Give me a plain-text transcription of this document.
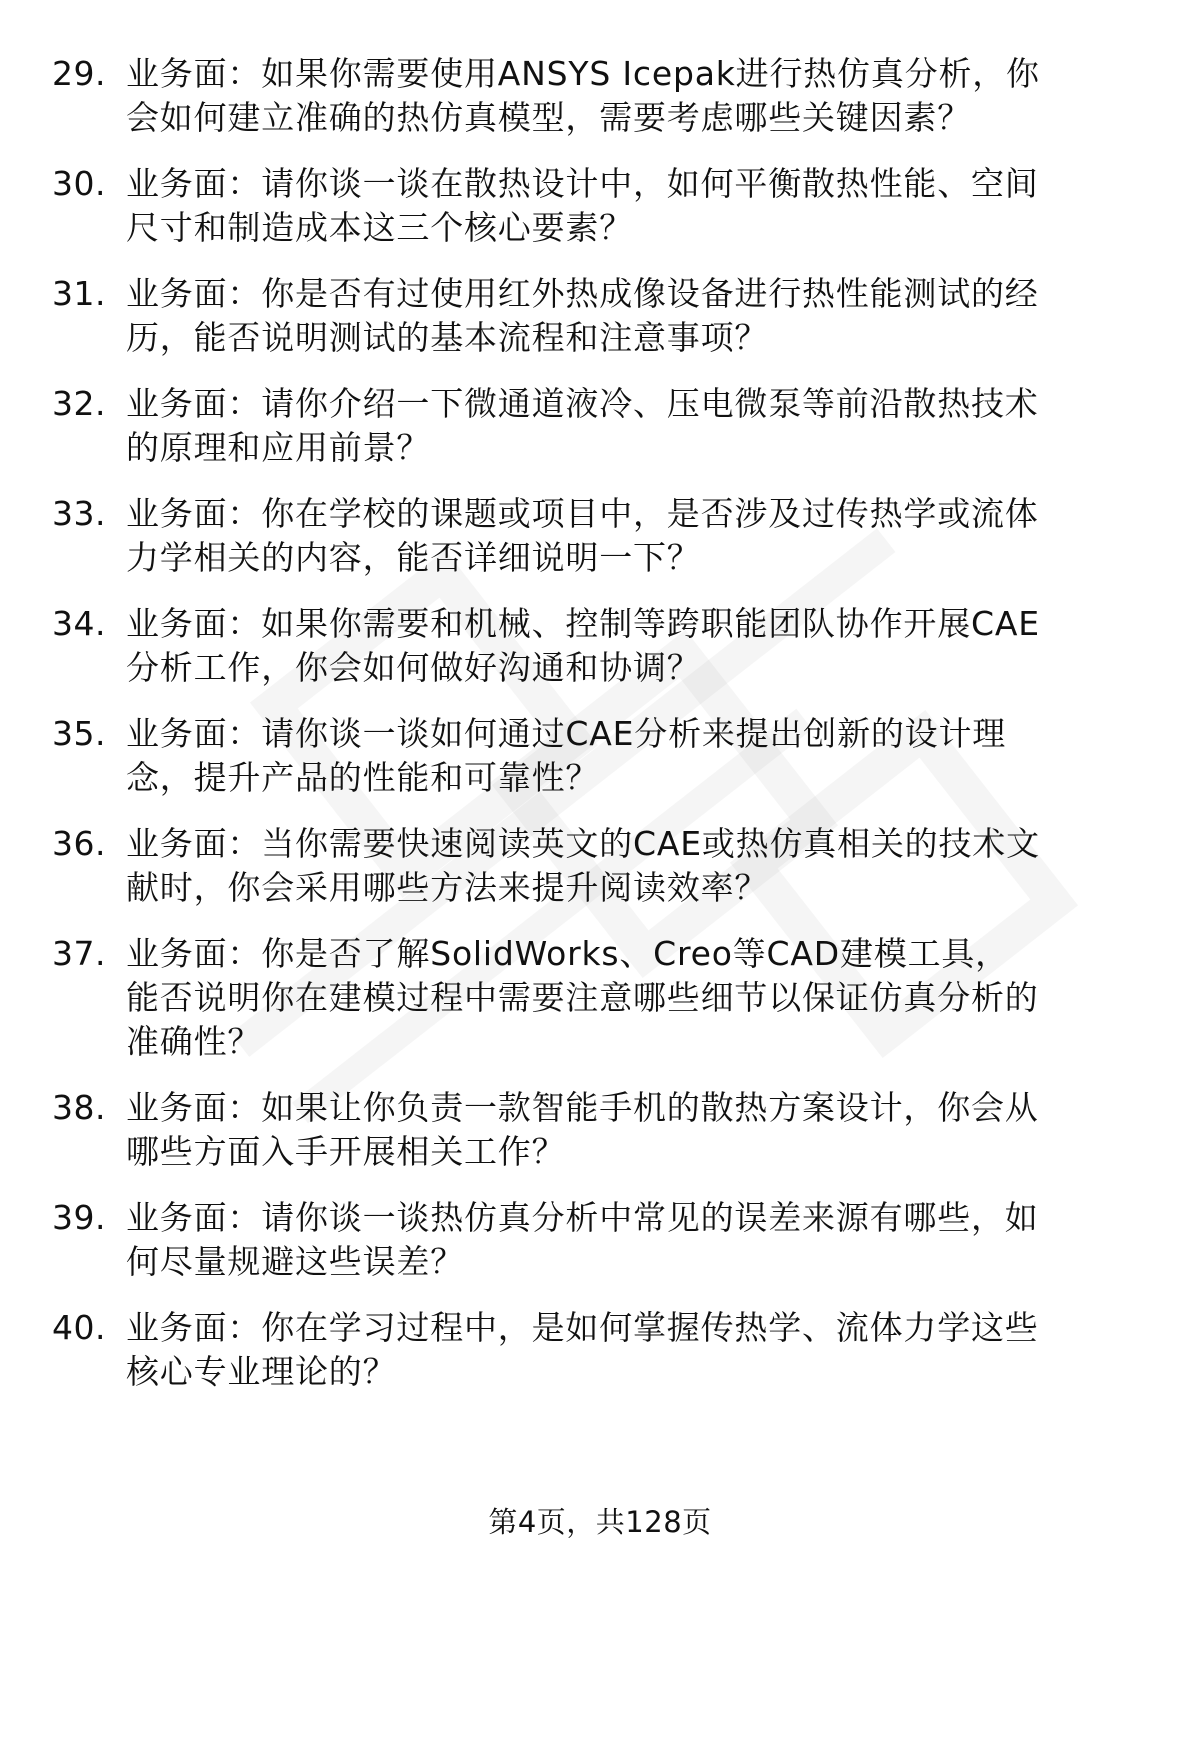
29. 业务面：如果你需要使用ANSYS Icepak进行热仿真分析，你会如何建立准确的热仿真模型，需要考虑哪些关键因素？
30. 业务面：请你谈一谈在散热设计中，如何平衡散热性能、空间尺寸和制造成本这三个核心要素？
31. 业务面：你是否有过使用红外热成像设备进行热性能测试的经历，能否说明测试的基本流程和注意事项？
32. 业务面：请你介绍一下微通道液冷、压电微泵等前沿散热技术的原理和应用前景？
33. 业务面：你在学校的课题或项目中，是否涉及过传热学或流体力学相关的内容，能否详细说明一下？
34. 业务面：如果你需要和机械、控制等跨职能团队协作开展CAE分析工作，你会如何做好沟通和协调？
35. 业务面：请你谈一谈如何通过CAE分析来提出创新的设计理念，提升产品的性能和可靠性？
36. 业务面：当你需要快速阅读英文的CAE或热仿真相关的技术文献时，你会采用哪些方法来提升阅读效率？
37. 业务面：你是否了解SolidWorks、Creo等CAD建模工具，能否说明你在建模过程中需要注意哪些细节以保证仿真分析的准确性？
38. 业务面：如果让你负责一款智能手机的散热方案设计，你会从哪些方面入手开展相关工作？
39. 业务面：请你谈一谈热仿真分析中常见的误差来源有哪些，如何尽量规避这些误差？
40. 业务面：你在学习过程中，是如何掌握传热学、流体力学这些核心专业理论的？
第4页，共128页
